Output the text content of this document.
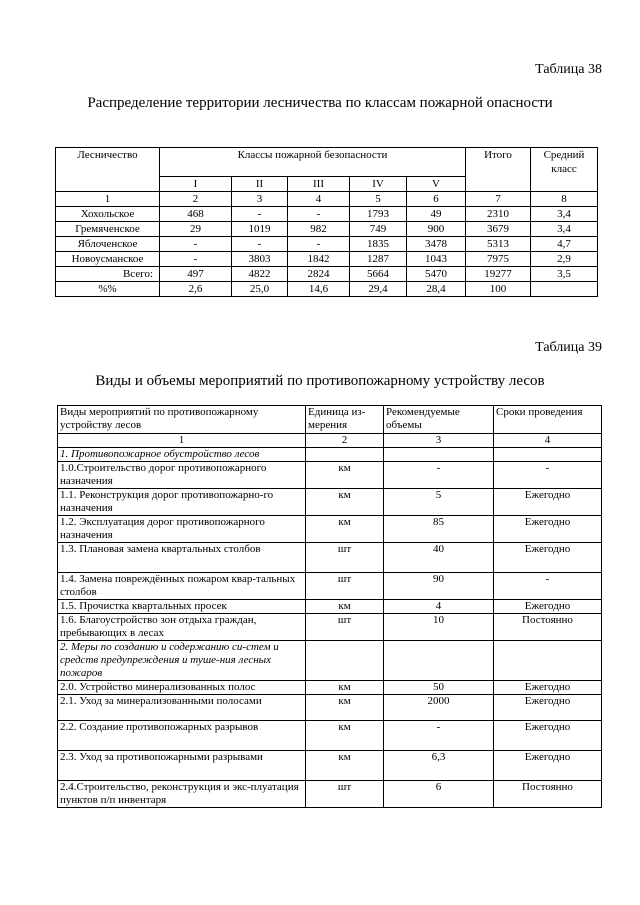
Таблица 38
Распределение территории лесничества по классам пожарной опасности
Лесничество	Классы пожарной безопасности					Итого	Средний класс
	I	II	III	IV	V		
1	2	3	4	5	6	7	8
Хохольское	468	-	-	1793	49	2310	3,4
Гремяченское	29	1019	982	749	900	3679	3,4
Яблоченское	-	-	-	1835	3478	5313	4,7
Новоусманское	-	3803	1842	1287	1043	7975	2,9
Всего:	497	4822	2824	5664	5470	19277	3,5
%%	2,6	25,0	14,6	29,4	28,4	100	
Таблица 39
Виды и объемы мероприятий по противопожарному устройству лесов
Виды мероприятий по противопожарному устройству лесов	Единица из-мерения	Рекомендуемые объемы	Сроки проведения
1	2	3	4
1. Противопожарное обустройство лесов			
1.0.Строительство дорог противопожарного назначения	км	-	-
1.1. Реконструкция дорог противопожарно-го назначения	км	5	Ежегодно
1.2. Эксплуатация дорог противопожарного назначения	км	85	Ежегодно
1.3. Плановая замена квартальных столбов	шт	40	Ежегодно
1.4. Замена повреждённых пожаром квар-тальных столбов	шт	90	-
1.5. Прочистка квартальных просек	км	4	Ежегодно
1.6. Благоустройство зон отдыха граждан, пребывающих в лесах	шт	10	Постоянно
2. Меры по созданию и содержанию си-стем и средств предупреждения и туше-ния лесных пожаров			
2.0. Устройство минерализованных полос	км	50	Ежегодно
2.1. Уход за минерализованными полосами	км	2000	Ежегодно
2.2. Создание противопожарных разрывов	км	-	Ежегодно
2.3. Уход за противопожарными разрывами	км	6,3	Ежегодно
2.4.Строительство, реконструкция и экс-плуатация пунктов п/п инвентаря	шт	6	Постоянно
